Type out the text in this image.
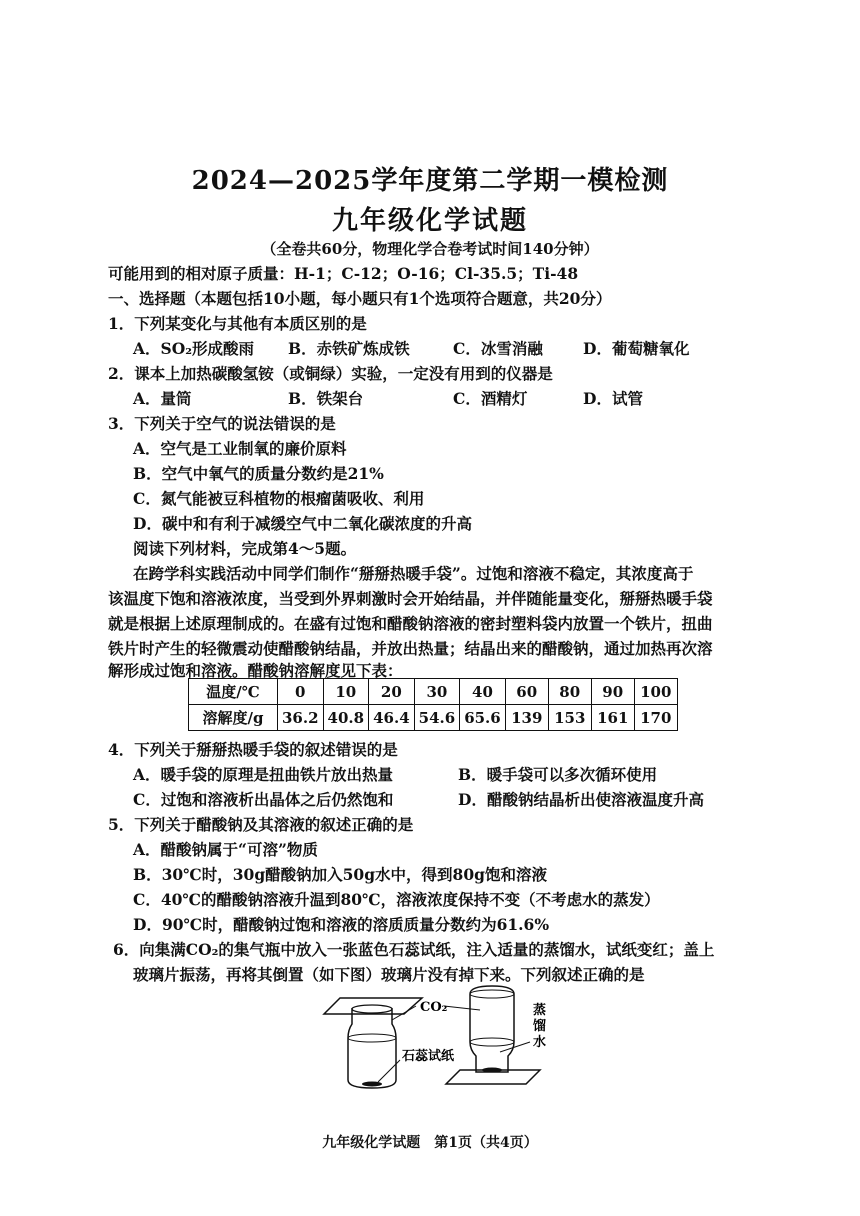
2024—2025学年度第二学期一模检测
九年级化学试题
（全卷共60分，物理化学合卷考试时间140分钟）
可能用到的相对原子质量：H-1；C-12；O-16；Cl-35.5；Ti-48
一、选择题（本题包括10小题，每小题只有1个选项符合题意，共20分）
1．下列某变化与其他有本质区别的是
A．SO₂形成酸雨 B．赤铁矿炼成铁	C．冰雪消融	D．葡萄糖氧化
2．课本上加热碳酸氢铵（或铜绿）实验，一定没有用到的仪器是
A．量筒	B．铁架台	C．酒精灯	D．试管
3．下列关于空气的说法错误的是
A．空气是工业制氧的廉价原料
B．空气中氧气的质量分数约是21%
C．氮气能被豆科植物的根瘤菌吸收、利用
D．碳中和有利于减缓空气中二氧化碳浓度的升高
阅读下列材料，完成第4～5题。
在跨学科实践活动中同学们制作“掰掰热暖手袋”。过饱和溶液不稳定，其浓度高于
该温度下饱和溶液浓度，当受到外界刺激时会开始结晶，并伴随能量变化，掰掰热暖手袋
就是根据上述原理制成的。在盛有过饱和醋酸钠溶液的密封塑料袋内放置一个铁片，扭曲
铁片时产生的轻微震动使醋酸钠结晶，并放出热量；结晶出来的醋酸钠，通过加热再次溶
解形成过饱和溶液。醋酸钠溶解度见下表：
温度/℃	0	10	20	30	40	60	80	90	100
溶解度/g	36.2	40.8	46.4	54.6	65.6	139	153	161	170
4．下列关于掰掰热暖手袋的叙述错误的是
A．暖手袋的原理是扭曲铁片放出热量	B．暖手袋可以多次循环使用
C．过饱和溶液析出晶体之后仍然饱和	D．醋酸钠结晶析出使溶液温度升高
5．下列关于醋酸钠及其溶液的叙述正确的是
A．醋酸钠属于“可溶”物质
B．30℃时，30g醋酸钠加入50g水中，得到80g饱和溶液
C．40℃的醋酸钠溶液升温到80℃，溶液浓度保持不变（不考虑水的蒸发）
D．90℃时，醋酸钠过饱和溶液的溶质质量分数约为61.6%
6．向集满CO₂的集气瓶中放入一张蓝色石蕊试纸，注入适量的蒸馏水，试纸变红；盖上
玻璃片振荡，再将其倒置（如下图）玻璃片没有掉下来。下列叙述正确的是
CO₂
石蕊试纸
蒸
馏
水
九年级化学试题　第1页（共4页）
